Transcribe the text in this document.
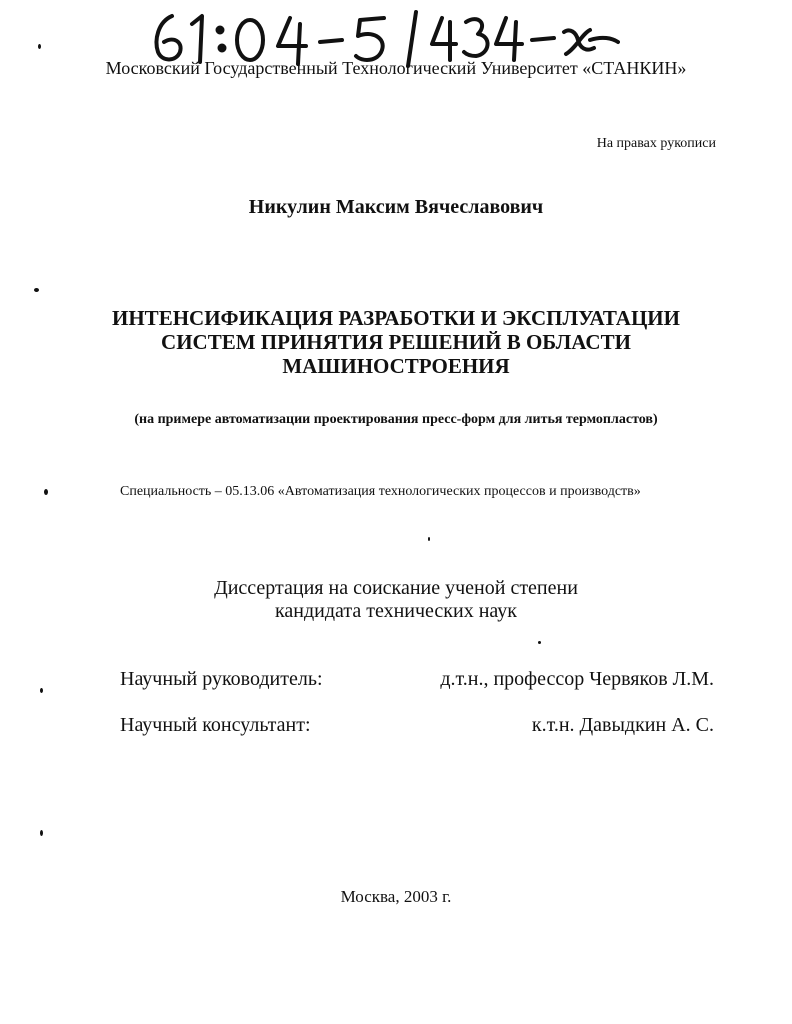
Московский Государственный Технологический Университет «СТАНКИН»
На правах рукописи
Никулин Максим Вячеславович
ИНТЕНСИФИКАЦИЯ РАЗРАБОТКИ И ЭКСПЛУАТАЦИИ
СИСТЕМ ПРИНЯТИЯ РЕШЕНИЙ В ОБЛАСТИ
МАШИНОСТРОЕНИЯ
(на примере автоматизации проектирования пресс-форм для литья термопластов)
Специальность – 05.13.06 «Автоматизация технологических процессов и производств»
Диссертация на соискание ученой степени
кандидата технических наук
Научный руководитель:	д.т.н., профессор Червяков Л.М.
Научный консультант:	к.т.н. Давыдкин А. С.
Москва, 2003 г.
